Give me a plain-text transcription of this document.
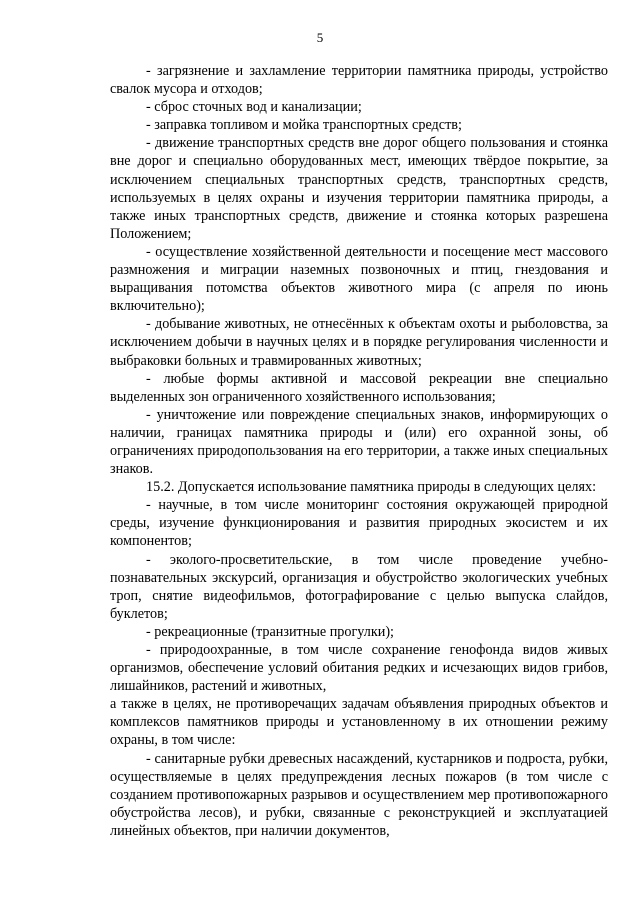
5

- загрязнение и захламление территории памятника природы, устройство свалок мусора и отходов;

- сброс сточных вод и канализации;

- заправка топливом и мойка транспортных средств;

- движение транспортных средств вне дорог общего пользования и стоянка вне дорог и специально оборудованных мест, имеющих твёрдое покрытие, за исключением специальных транспортных средств, транспортных средств, используемых в целях охраны и изучения территории памятника природы, а также иных транспортных средств, движение и стоянка которых разрешена Положением;

- осуществление хозяйственной деятельности и посещение мест массового размножения и миграции наземных позвоночных и птиц, гнездования и выращивания потомства объектов животного мира (с апреля по июнь включительно);

- добывание животных, не отнесённых к объектам охоты и рыболовства, за исключением добычи в научных целях и в порядке регулирования численности и выбраковки больных и травмированных животных;

- любые формы активной и массовой рекреации вне специально выделенных зон ограниченного хозяйственного использования;

- уничтожение или повреждение специальных знаков, информирующих о наличии, границах памятника природы и (или) его охранной зоны, об ограничениях природопользования на его территории, а также иных специальных знаков.

15.2. Допускается использование памятника природы в следующих целях:

- научные, в том числе мониторинг состояния окружающей природной среды, изучение функционирования и развития природных экосистем и их компонентов;

- эколого-просветительские, в том числе проведение учебно-познавательных экскурсий, организация и обустройство экологических учебных троп, снятие видеофильмов, фотографирование с целью выпуска слайдов, буклетов;

- рекреационные (транзитные прогулки);

- природоохранные, в том числе сохранение генофонда видов живых организмов, обеспечение условий обитания редких и исчезающих видов грибов, лишайников, растений и животных,

а также в целях, не противоречащих задачам объявления природных объектов и комплексов памятников природы и установленному в их отношении режиму охраны, в том числе:

- санитарные рубки древесных насаждений, кустарников и подроста, рубки, осуществляемые в целях предупреждения лесных пожаров (в том числе с созданием противопожарных разрывов и осуществлением мер противопожарного обустройства лесов), и рубки, связанные с реконструкцией и эксплуатацией линейных объектов, при наличии документов,
